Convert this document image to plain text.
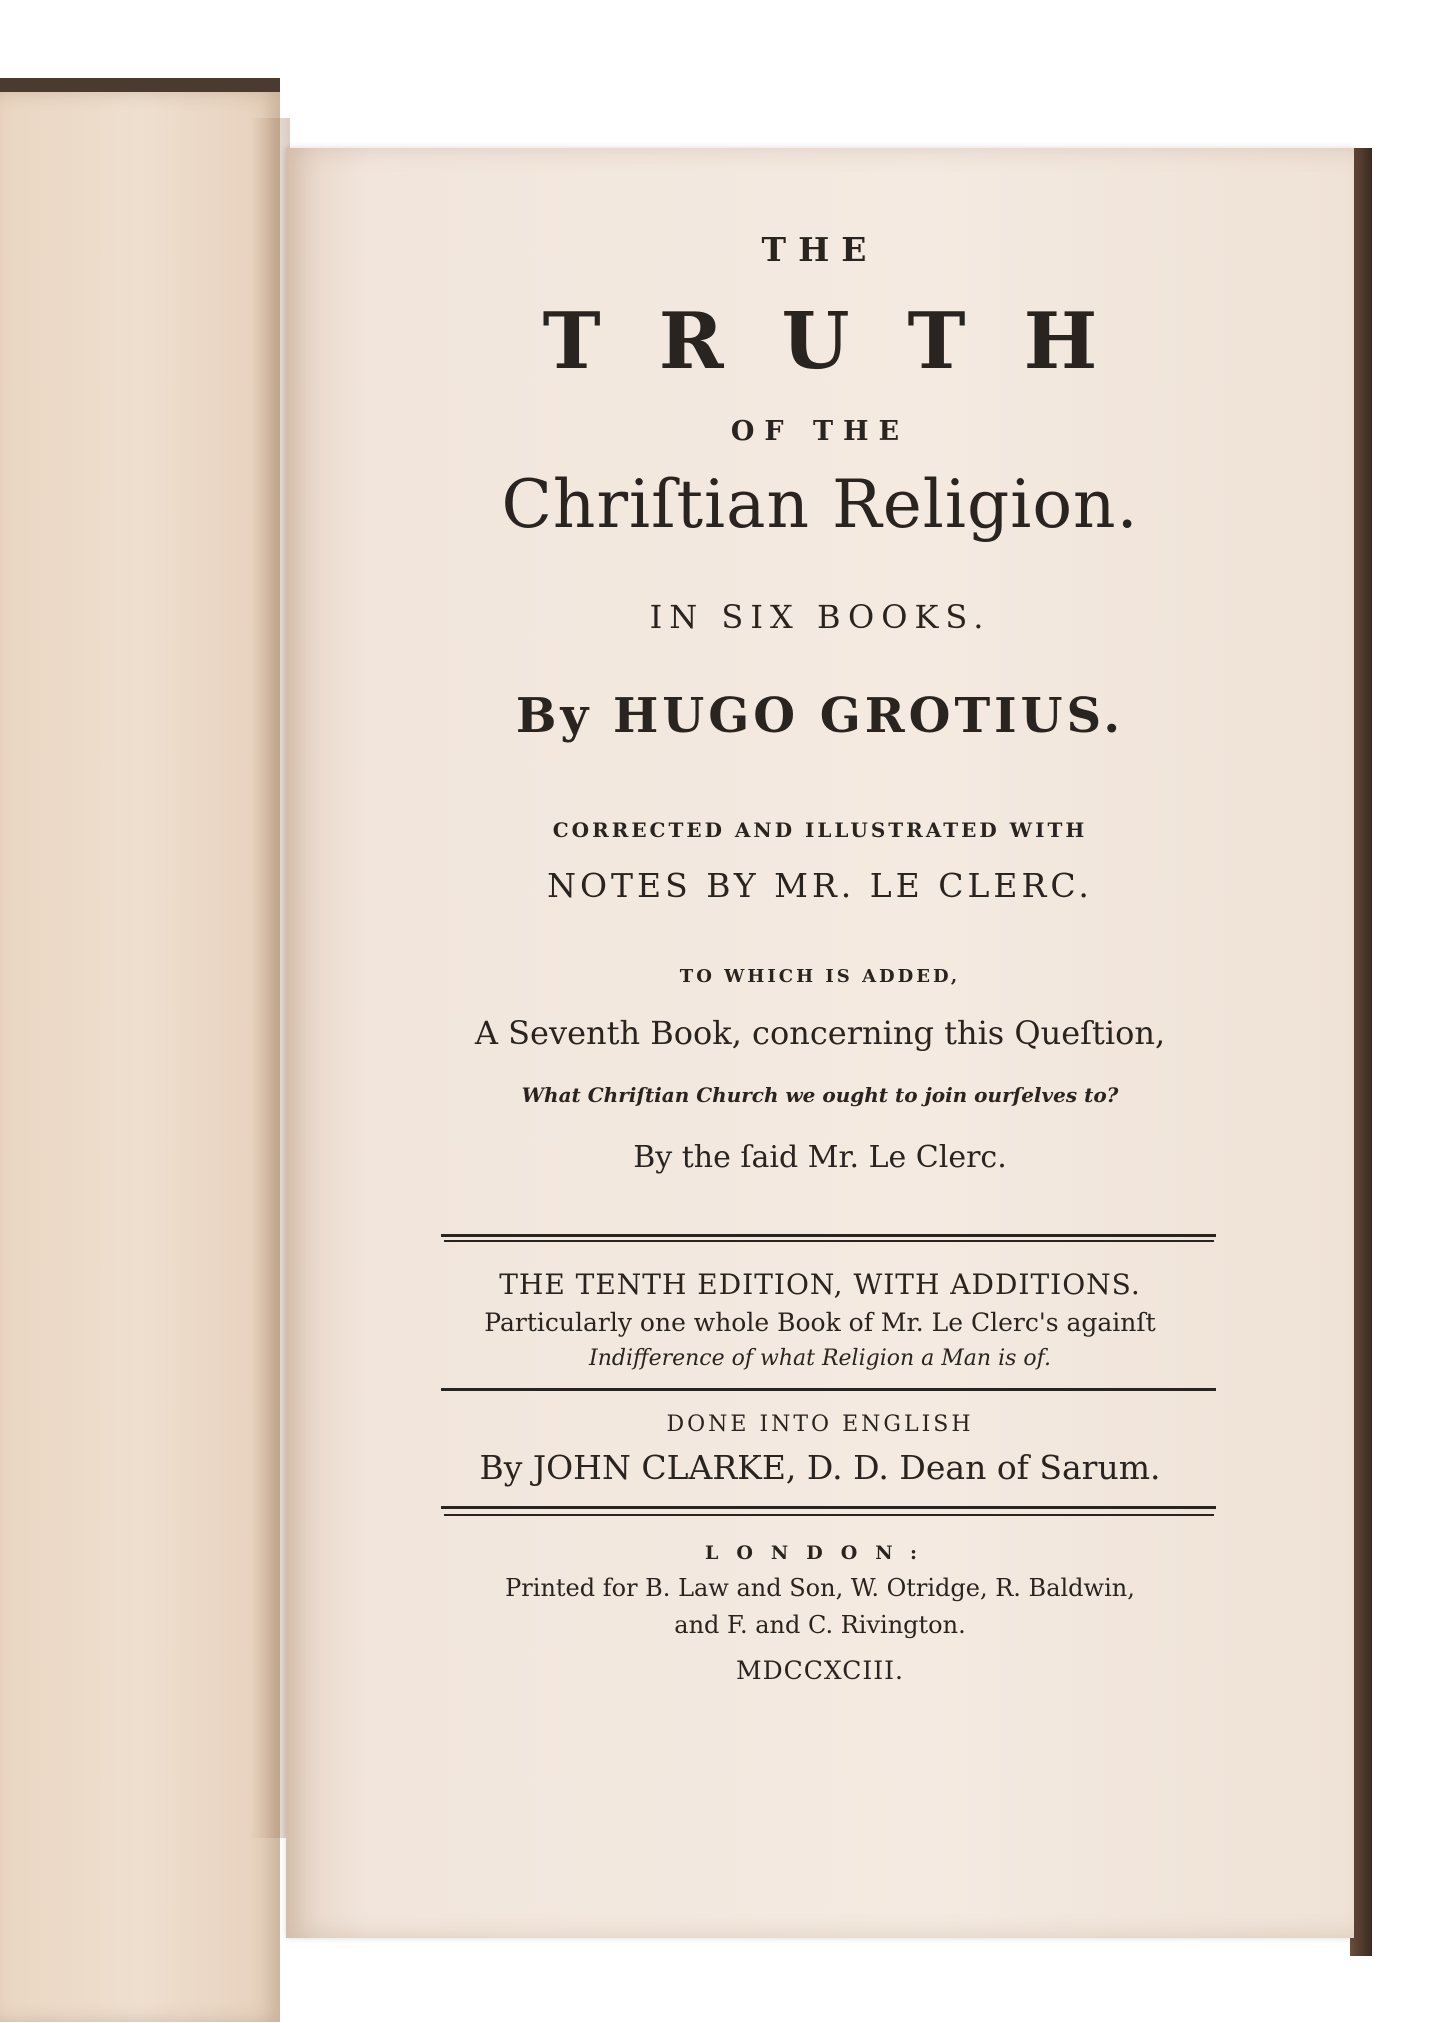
THE
TRUTH
OF THE
Chriſtian Religion.
IN SIX BOOKS.
By HUGO GROTIUS.
CORRECTED AND ILLUSTRATED WITH
NOTES BY MR. LE CLERC.
TO WHICH IS ADDED,
A Seventh Book, concerning this Queſtion,
What Chriſtian Church we ought to join ourſelves to?
By the ſaid Mr. Le Clerc.
THE TENTH EDITION, WITH ADDITIONS.
Particularly one whole Book of Mr. Le Clerc's againſt
Indifference of what Religion a Man is of.
DONE INTO ENGLISH
By JOHN CLARKE, D. D. Dean of Sarum.
LONDON:
Printed for B. Law and Son, W. Otridge, R. Baldwin,
and F. and C. Rivington.
MDCCXCIII.
